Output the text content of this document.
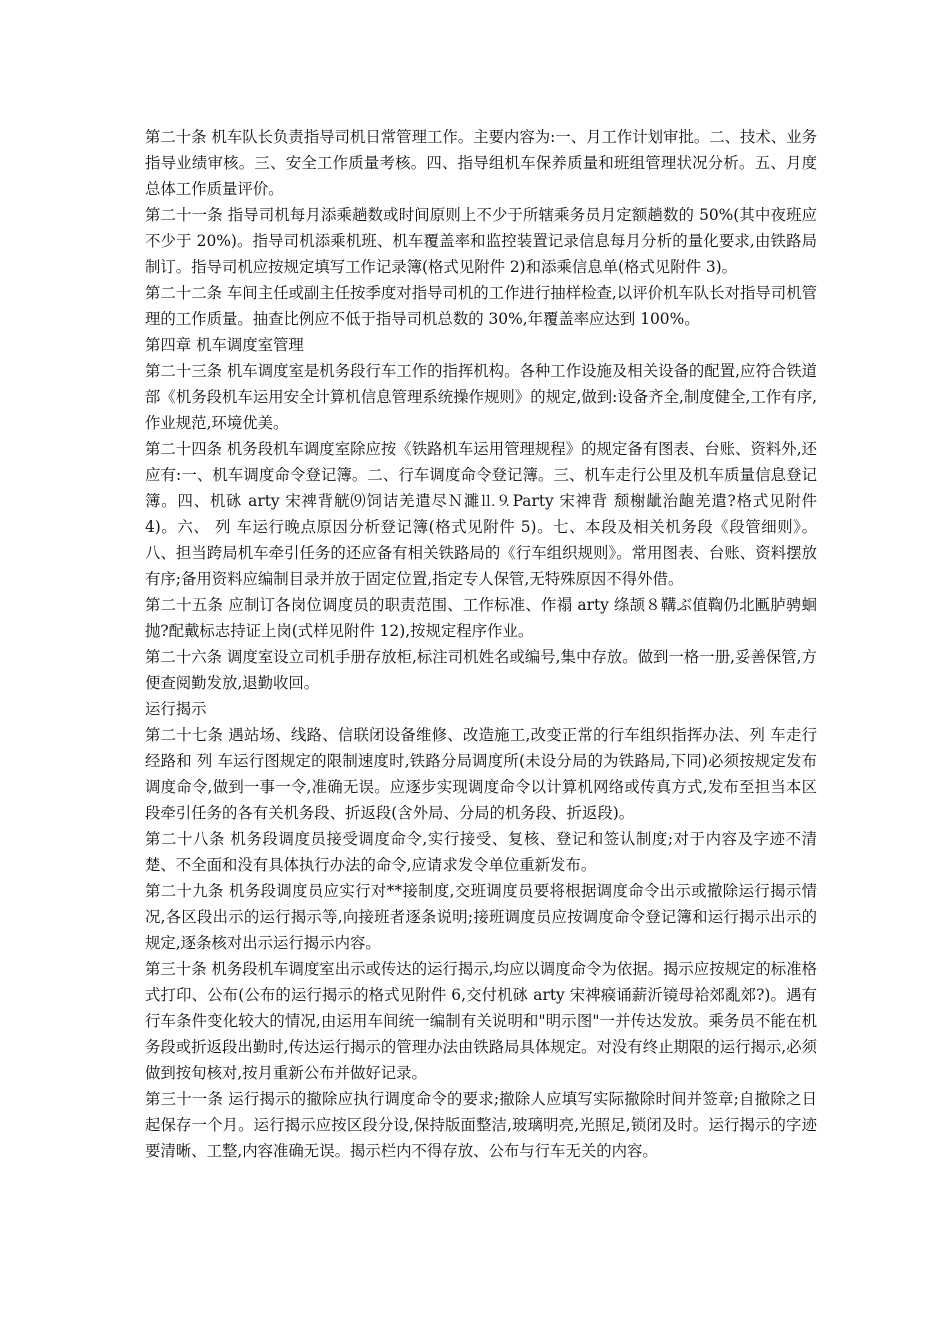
第二十条 机车队长负责指导司机日常管理工作。主要内容为:一、月工作计划审批。二、技术、业务指导业绩审核。三、安全工作质量考核。四、指导组机车保养质量和班组管理状况分析。五、月度总体工作质量评价。

第二十一条 指导司机每月添乘趟数或时间原则上不少于所辖乘务员月定额趟数的 50%(其中夜班应不少于 20%)。指导司机添乘机班、机车覆盖率和监控装置记录信息每月分析的量化要求,由铁路局制订。指导司机应按规定填写工作记录簿(格式见附件 2)和添乘信息单(格式见附件 3)。

第二十二条 车间主任或副主任按季度对指导司机的工作进行抽样检查,以评价机车队长对指导司机管理的工作质量。抽查比例应不低于指导司机总数的 30%,年覆盖率应达到 100%。

第四章 机车调度室管理

第二十三条 机车调度室是机务段行车工作的指挥机构。各种工作设施及相关设备的配置,应符合铁道部《机务段机车运用安全计算机信息管理系统操作规则》的规定,做到:设备齐全,制度健全,工作有序,作业规范,环境优美。

第二十四条 机务段机车调度室除应按《铁路机车运用管理规程》的规定备有图表、台账、资料外,还应有:一、机车调度命令登记簿。二、行车调度命令登记簿。三、机车走行公里及机车质量信息登记簿。四、机砯 arty 宋禆背觥⑼饲诘羌遣尽Ｎ濉⒒⒐Party 宋禆背 颓榭龇治龅羌遣?格式见附件 4)。六、 列 车运行晚点原因分析登记簿(格式见附件 5)。七、本段及相关机务段《段管细则》。八、担当跨局机车牵引任务的还应备有相关铁路局的《行车组织规则》。常用图表、台账、资料摆放有序;备用资料应编制目录并放于固定位置,指定专人保管,无特殊原因不得外借。

第二十五条 应制订各岗位调度员的职责范围、工作标准、作禢 arty 绦颉８鞲ぶ值鞫仍北匭胪骋蛔抛?配戴标志持证上岗(式样见附件 12),按规定程序作业。

第二十六条 调度室设立司机手册存放柜,标注司机姓名或编号,集中存放。做到一格一册,妥善保管,方便查阅勤发放,退勤收回。

运行揭示

第二十七条 遇站场、线路、信联闭设备维修、改造施工,改变正常的行车组织指挥办法、列 车走行经路和 列 车运行图规定的限制速度时,铁路分局调度所(未设分局的为铁路局,下同)必须按规定发布调度命令,做到一事一令,准确无误。应逐步实现调度命令以计算机网络或传真方式,发布至担当本区段牵引任务的各有关机务段、折返段(含外局、分局的机务段、折返段)。

第二十八条 机务段调度员接受调度命令,实行接受、复核、登记和签认制度;对于内容及字迹不清楚、不全面和没有具体执行办法的命令,应请求发令单位重新发布。

第二十九条 机务段调度员应实行对**接制度,交班调度员要将根据调度命令出示或撤除运行揭示情况,各区段出示的运行揭示等,向接班者逐条说明;接班调度员应按调度命令登记簿和运行揭示出示的规定,逐条核对出示运行揭示内容。

第三十条 机务段机车调度室出示或传达的运行揭示,均应以调度命令为依据。揭示应按规定的标准格式打印、公布(公布的运行揭示的格式见附件 6,交付机砯 arty 宋禆瘊诵薪沂镜母袷郊亂郊?)。遇有行车条件变化较大的情况,由运用车间统一编制有关说明和"明示图"一并传达发放。乘务员不能在机务段或折返段出勤时,传达运行揭示的管理办法由铁路局具体规定。对没有终止期限的运行揭示,必须做到按旬核对,按月重新公布并做好记录。

第三十一条 运行揭示的撤除应执行调度命令的要求;撤除人应填写实际撤除时间并签章;自撤除之日起保存一个月。运行揭示应按区段分设,保持版面整洁,玻璃明亮,光照足,锁闭及时。运行揭示的字迹要清晰、工整,内容准确无误。揭示栏内不得存放、公布与行车无关的内容。
